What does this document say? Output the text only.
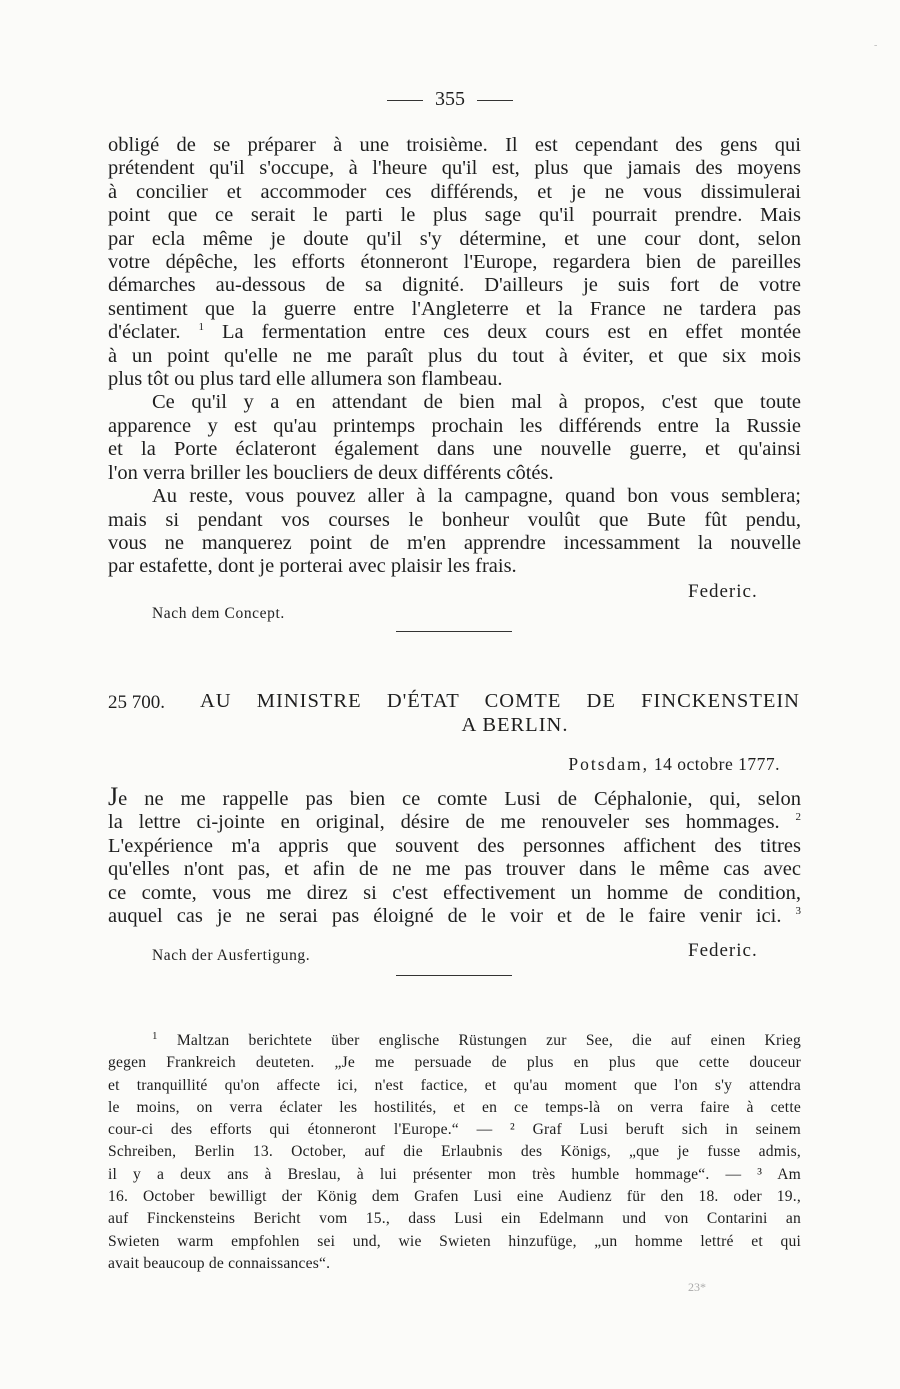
-
355
obligé de se préparer à une troisième. Il est cependant des gens qui
prétendent qu'il s'occupe, à l'heure qu'il est, plus que jamais des moyens
à concilier et accommoder ces différends, et je ne vous dissimulerai
point que ce serait le parti le plus sage qu'il pourrait prendre. Mais
par ecla même je doute qu'il s'y détermine, et une cour dont, selon
votre dépêche, les efforts étonneront l'Europe, regardera bien de pareilles
démarches au-dessous de sa dignité. D'ailleurs je suis fort de votre
sentiment que la guerre entre l'Angleterre et la France ne tardera pas
d'éclater. $^1$ La fermentation entre ces deux cours est en effet montée
à un point qu'elle ne me paraît plus du tout à éviter, et que six mois
plus tôt ou plus tard elle allumera son flambeau.
Ce qu'il y a en attendant de bien mal à propos, c'est que toute
apparence y est qu'au printemps prochain les différends entre la Russie
et la Porte éclateront également dans une nouvelle guerre, et qu'ainsi
l'on verra briller les boucliers de deux différents côtés.
Au reste, vous pouvez aller à la campagne, quand bon vous semblera;
mais si pendant vos courses le bonheur voulût que Bute fût pendu,
vous ne manquerez point de m'en apprendre incessamment la nouvelle
par estafette, dont je porterai avec plaisir les frais.
Federic.
Nach dem Concept.
25 700. AU MINISTRE D'ÉTAT COMTE DE FINCKENSTEIN
A BERLIN.
Potsdam, 14 octobre 1777.
Je ne me rappelle pas bien ce comte Lusi de Céphalonie, qui, selon
la lettre ci-jointe en original, désire de me renouveler ses hommages. $^2$
L'expérience m'a appris que souvent des personnes affichent des titres
qu'elles n'ont pas, et afin de ne me pas trouver dans le même cas avec
ce comte, vous me direz si c'est effectivement un homme de condition,
auquel cas je ne serai pas éloigné de le voir et de le faire venir ici. $^3$
Nach der Ausfertigung.	Federic.
$^1$ Maltzan berichtete über englische Rüstungen zur See, die auf einen Krieg
gegen Frankreich deuteten. „Je me persuade de plus en plus que cette douceur
et tranquillité qu'on affecte ici, n'est factice, et qu'au moment que l'on s'y attendra
le moins, on verra éclater les hostilités, et en ce temps-là on verra faire à cette
cour-ci des efforts qui étonneront l'Europe.“ — ² Graf Lusi beruft sich in seinem
Schreiben, Berlin 13. October, auf die Erlaubnis des Königs, „que je fusse admis,
il y a deux ans à Breslau, à lui présenter mon très humble hommage“. — ³ Am
16. October bewilligt der König dem Grafen Lusi eine Audienz für den 18. oder 19.,
auf Finckensteins Bericht vom 15., dass Lusi ein Edelmann und von Contarini an
Swieten warm empfohlen sei und, wie Swieten hinzufüge, „un homme lettré et qui
avait beaucoup de connaissances“.
23*
